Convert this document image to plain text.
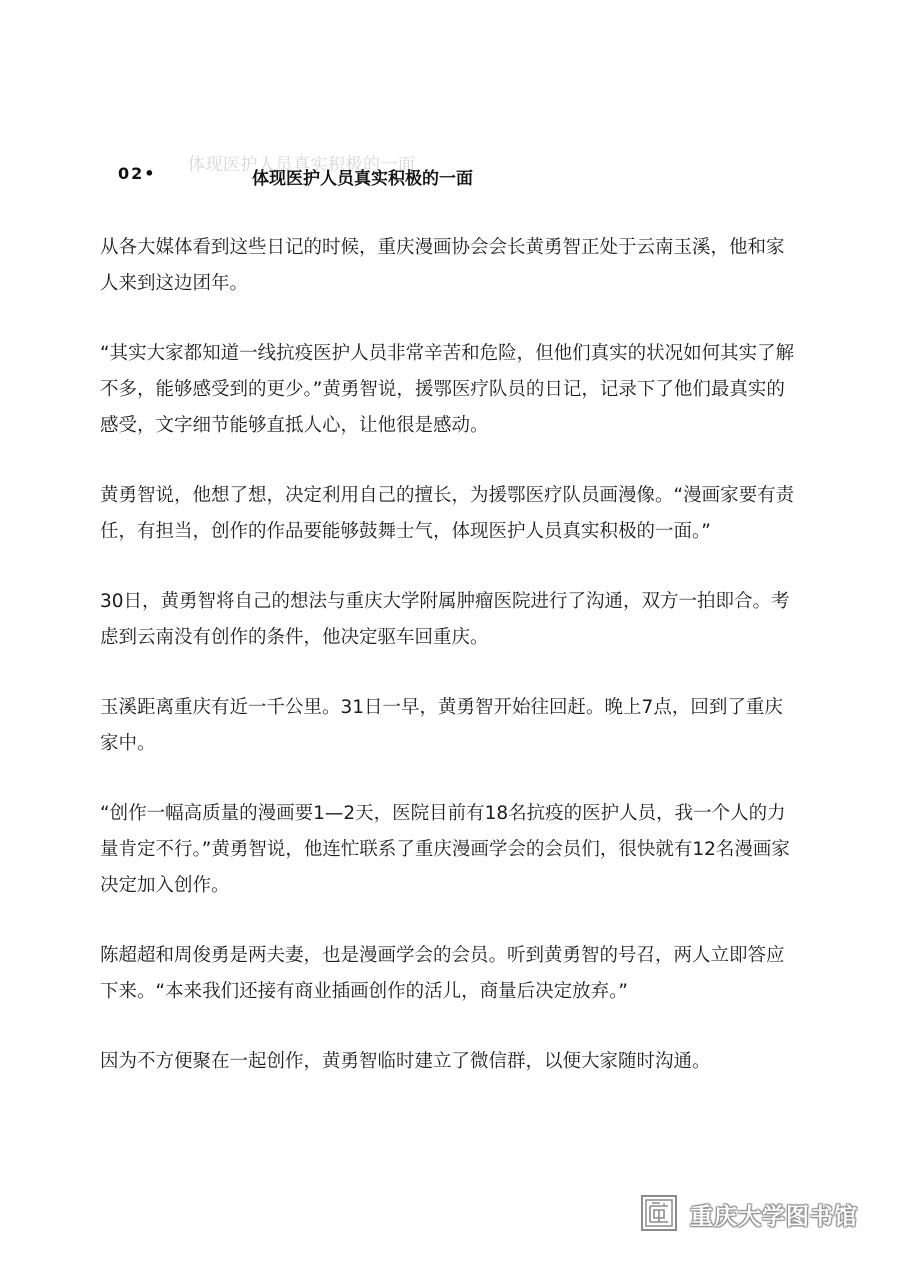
体现医护人员真实积极的一面
02•	体现医护人员真实积极的一面

从各大媒体看到这些日记的时候，重庆漫画协会会长黄勇智正处于云南玉溪，他和家人来到这边团年。

“其实大家都知道一线抗疫医护人员非常辛苦和危险，但他们真实的状况如何其实了解不多，能够感受到的更少。”黄勇智说，援鄂医疗队员的日记，记录下了他们最真实的感受，文字细节能够直抵人心，让他很是感动。

黄勇智说，他想了想，决定利用自己的擅长，为援鄂医疗队员画漫像。“漫画家要有责任，有担当，创作的作品要能够鼓舞士气，体现医护人员真实积极的一面。”

30日，黄勇智将自己的想法与重庆大学附属肿瘤医院进行了沟通，双方一拍即合。考虑到云南没有创作的条件，他决定驱车回重庆。

玉溪距离重庆有近一千公里。31日一早，黄勇智开始往回赶。晚上7点，回到了重庆家中。

“创作一幅高质量的漫画要1—2天，医院目前有18名抗疫的医护人员，我一个人的力量肯定不行。”黄勇智说，他连忙联系了重庆漫画学会的会员们，很快就有12名漫画家决定加入创作。

陈超超和周俊勇是两夫妻，也是漫画学会的会员。听到黄勇智的号召，两人立即答应下来。“本来我们还接有商业插画创作的活儿，商量后决定放弃。”

因为不方便聚在一起创作，黄勇智临时建立了微信群，以便大家随时沟通。

重庆大学图书馆
